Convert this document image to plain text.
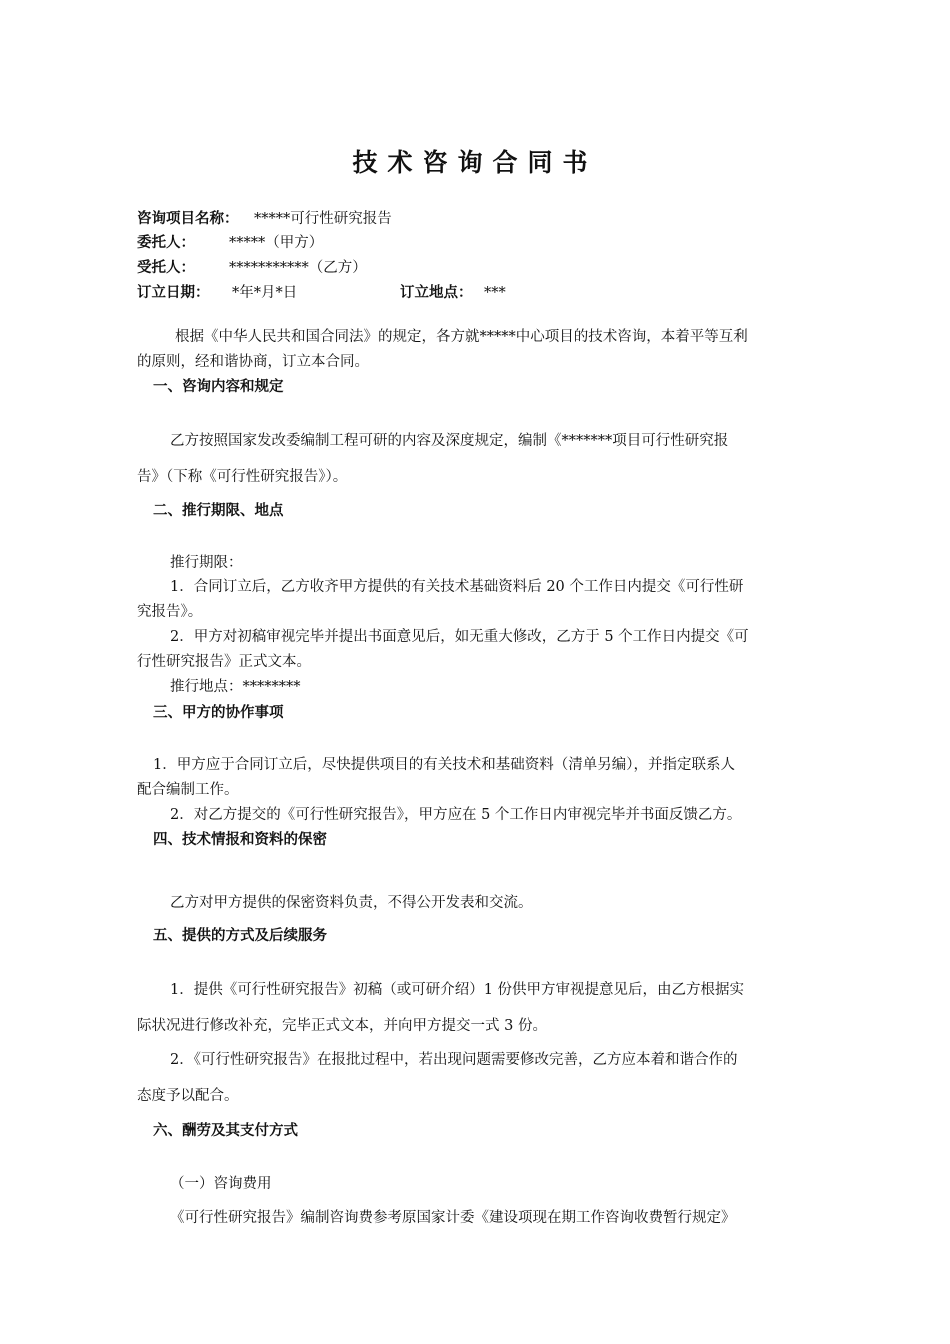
技术咨询合同书
咨询项目名称： *****可行性研究报告
委托人： *****（甲方）
受托人： ***********（乙方）
订立日期： *年*月*日	订立地点： ***
根据《中华人民共和国合同法》的规定，各方就*****中心项目的技术咨询，本着平等互利
的原则，经和谐协商，订立本合同。
一、咨询内容和规定
乙方按照国家发改委编制工程可研的内容及深度规定，编制《*******项目可行性研究报
告》（下称《可行性研究报告》）。
二、推行期限、地点
推行期限：
1．合同订立后，乙方收齐甲方提供的有关技术基础资料后 20 个工作日内提交《可行性研
究报告》。
2．甲方对初稿审视完毕并提出书面意见后，如无重大修改，乙方于 5 个工作日内提交《可
行性研究报告》正式文本。
推行地点：********
三、甲方的协作事项
1．甲方应于合同订立后，尽快提供项目的有关技术和基础资料（清单另编），并指定联系人
配合编制工作。
2．对乙方提交的《可行性研究报告》，甲方应在 5 个工作日内审视完毕并书面反馈乙方。
四、技术情报和资料的保密
乙方对甲方提供的保密资料负责，不得公开发表和交流。
五、提供的方式及后续服务
1．提供《可行性研究报告》初稿（或可研介绍）1 份供甲方审视提意见后，由乙方根据实
际状况进行修改补充，完毕正式文本，并向甲方提交一式 3 份。
2．《可行性研究报告》在报批过程中，若出现问题需要修改完善，乙方应本着和谐合作的
态度予以配合。
六、酬劳及其支付方式
（一）咨询费用
《可行性研究报告》编制咨询费参考原国家计委《建设项现在期工作咨询收费暂行规定》
